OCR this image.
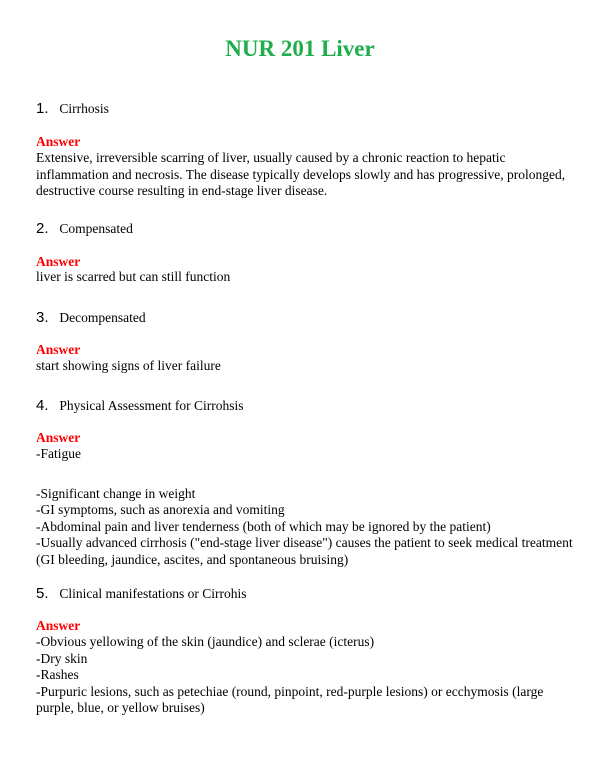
NUR 201 Liver
1. Cirrhosis
Answer
Extensive, irreversible scarring of liver, usually caused by a chronic reaction to hepatic inflammation and necrosis. The disease typically develops slowly and has progressive, prolonged, destructive course resulting in end-stage liver disease.
2. Compensated
Answer
liver is scarred but can still function
3. Decompensated
Answer
start showing signs of liver failure
4. Physical Assessment for Cirrohsis
Answer
-Fatigue
-Significant change in weight
-GI symptoms, such as anorexia and vomiting
-Abdominal pain and liver tenderness (both of which may be ignored by the patient)
-Usually advanced cirrhosis ("end-stage liver disease") causes the patient to seek medical treatment (GI bleeding, jaundice, ascites, and spontaneous bruising)
5. Clinical manifestations or Cirrohis
Answer
-Obvious yellowing of the skin (jaundice) and sclerae (icterus)
-Dry skin
-Rashes
-Purpuric lesions, such as petechiae (round, pinpoint, red-purple lesions) or ecchymosis (large purple, blue, or yellow bruises)
